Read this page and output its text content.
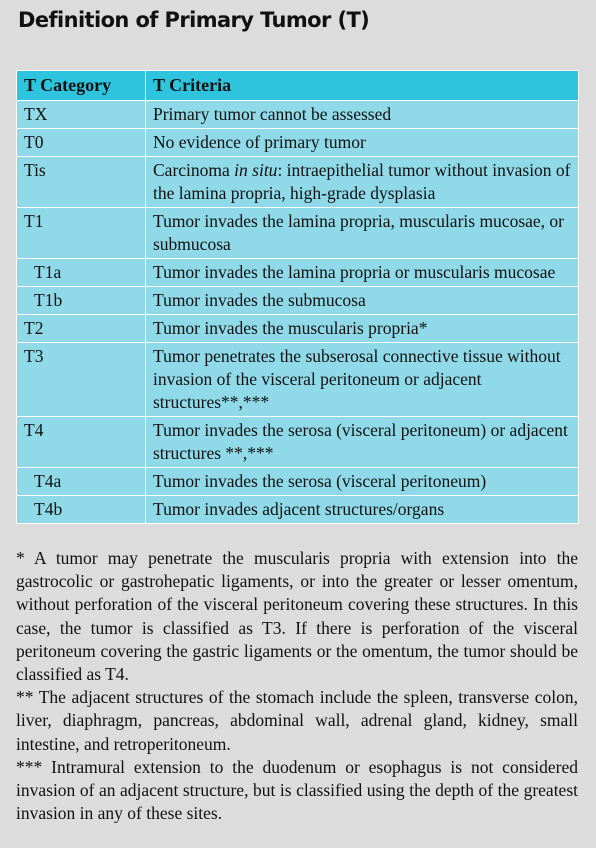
Definition of Primary Tumor (T)
T Category	T Criteria
TX	Primary tumor cannot be assessed
T0	No evidence of primary tumor
Tis	Carcinoma in situ: intraepithelial tumor without invasion of the lamina propria, high-grade dysplasia
T1	Tumor invades the lamina propria, muscularis mucosae, or submucosa
T1a	Tumor invades the lamina propria or muscularis mucosae
T1b	Tumor invades the submucosa
T2	Tumor invades the muscularis propria*
T3	Tumor penetrates the subserosal connective tissue without invasion of the visceral peritoneum or adjacent structures**,***
T4	Tumor invades the serosa (visceral peritoneum) or adjacent structures **,***
T4a	Tumor invades the serosa (visceral peritoneum)
T4b	Tumor invades adjacent structures/organs

* A tumor may penetrate the muscularis propria with extension into the gastrocolic or gastrohepatic ligaments, or into the greater or lesser omentum, without perforation of the visceral peritoneum covering these structures. In this case, the tumor is classified as T3. If there is perforation of the visceral peritoneum covering the gastric ligaments or the omentum, the tumor should be classified as T4.

** The adjacent structures of the stomach include the spleen, transverse colon, liver, diaphragm, pancreas, abdominal wall, adrenal gland, kidney, small intestine, and retroperitoneum.

*** Intramural extension to the duodenum or esophagus is not considered invasion of an adjacent structure, but is classified using the depth of the greatest invasion in any of these sites.
